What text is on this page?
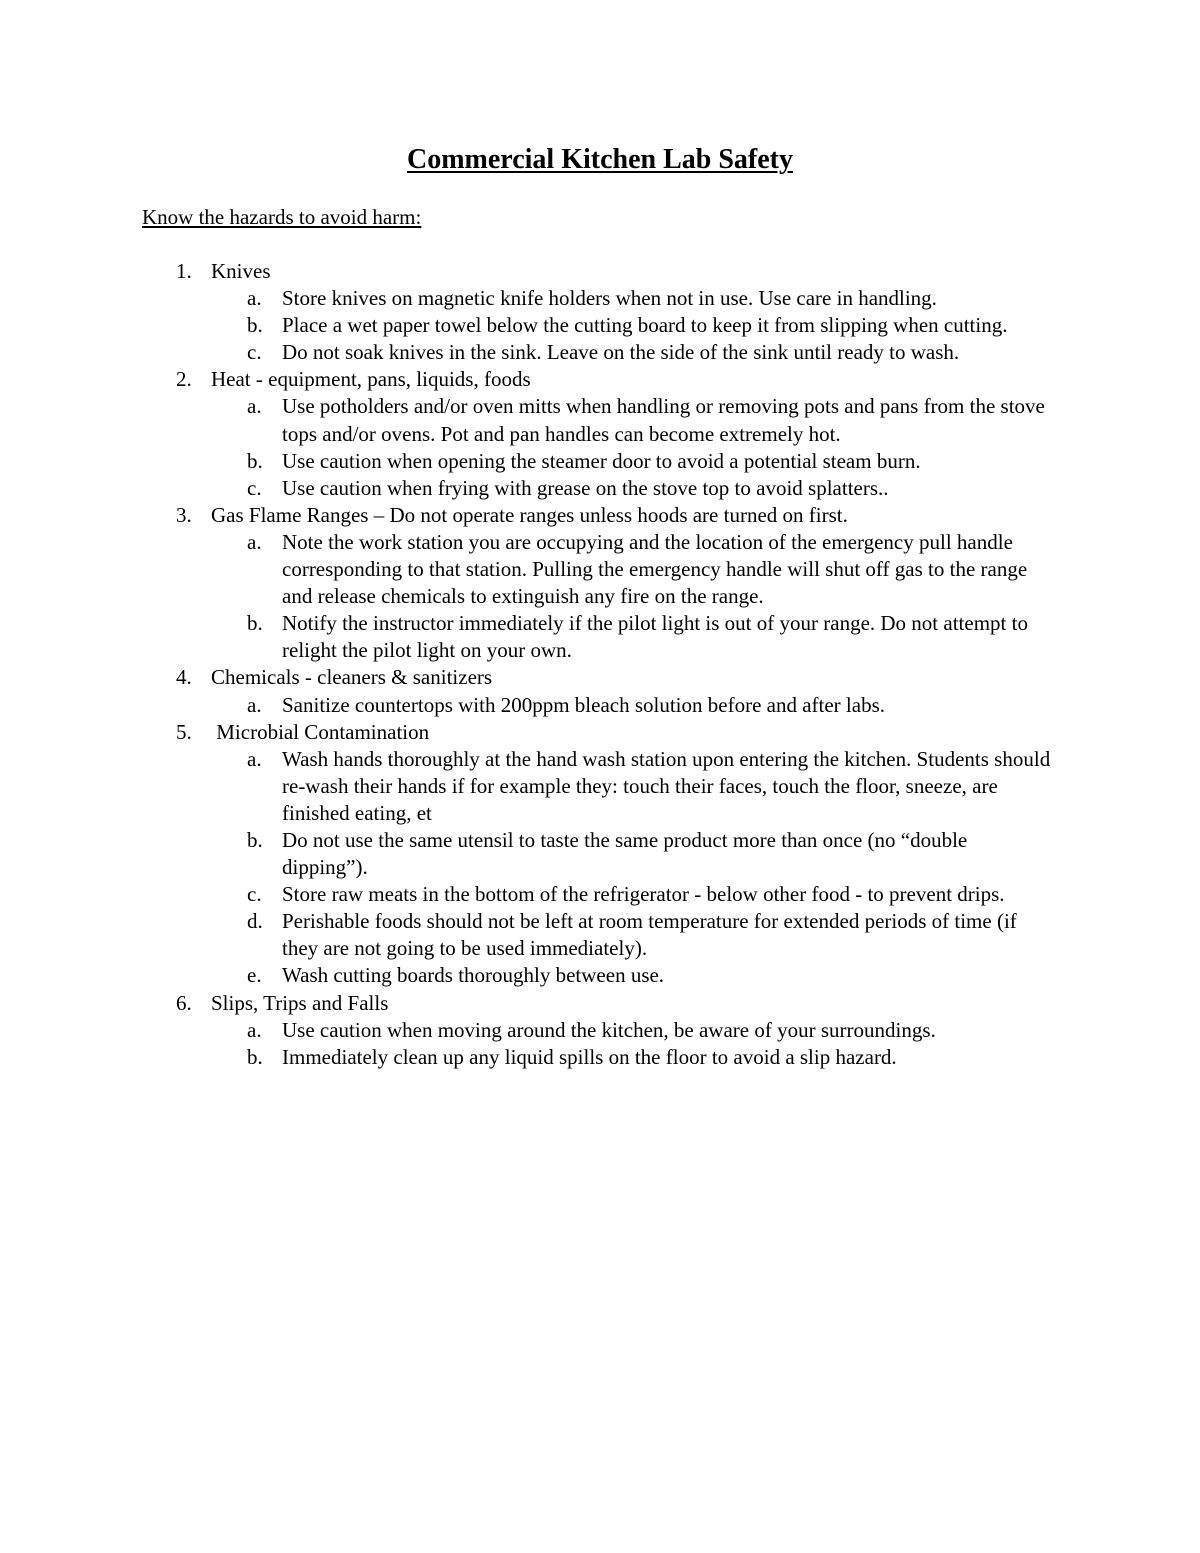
Commercial Kitchen Lab Safety

Know the hazards to avoid harm:

1. Knives
a. Store knives on magnetic knife holders when not in use. Use care in handling.
b. Place a wet paper towel below the cutting board to keep it from slipping when cutting.
c. Do not soak knives in the sink. Leave on the side of the sink until ready to wash.
2. Heat - equipment, pans, liquids, foods
a. Use potholders and/or oven mitts when handling or removing pots and pans from the stove tops and/or ovens. Pot and pan handles can become extremely hot.
b. Use caution when opening the steamer door to avoid a potential steam burn.
c. Use caution when frying with grease on the stove top to avoid splatters..
3. Gas Flame Ranges – Do not operate ranges unless hoods are turned on first.
a. Note the work station you are occupying and the location of the emergency pull handle corresponding to that station. Pulling the emergency handle will shut off gas to the range and release chemicals to extinguish any fire on the range.
b. Notify the instructor immediately if the pilot light is out of your range. Do not attempt to relight the pilot light on your own.
4. Chemicals - cleaners & sanitizers
a. Sanitize countertops with 200ppm bleach solution before and after labs.
5. Microbial Contamination
a. Wash hands thoroughly at the hand wash station upon entering the kitchen. Students should re-wash their hands if for example they: touch their faces, touch the floor, sneeze, are finished eating, et
b. Do not use the same utensil to taste the same product more than once (no “double dipping”).
c. Store raw meats in the bottom of the refrigerator - below other food - to prevent drips.
d. Perishable foods should not be left at room temperature for extended periods of time (if they are not going to be used immediately).
e. Wash cutting boards thoroughly between use.
6. Slips, Trips and Falls
a. Use caution when moving around the kitchen, be aware of your surroundings.
b. Immediately clean up any liquid spills on the floor to avoid a slip hazard.
